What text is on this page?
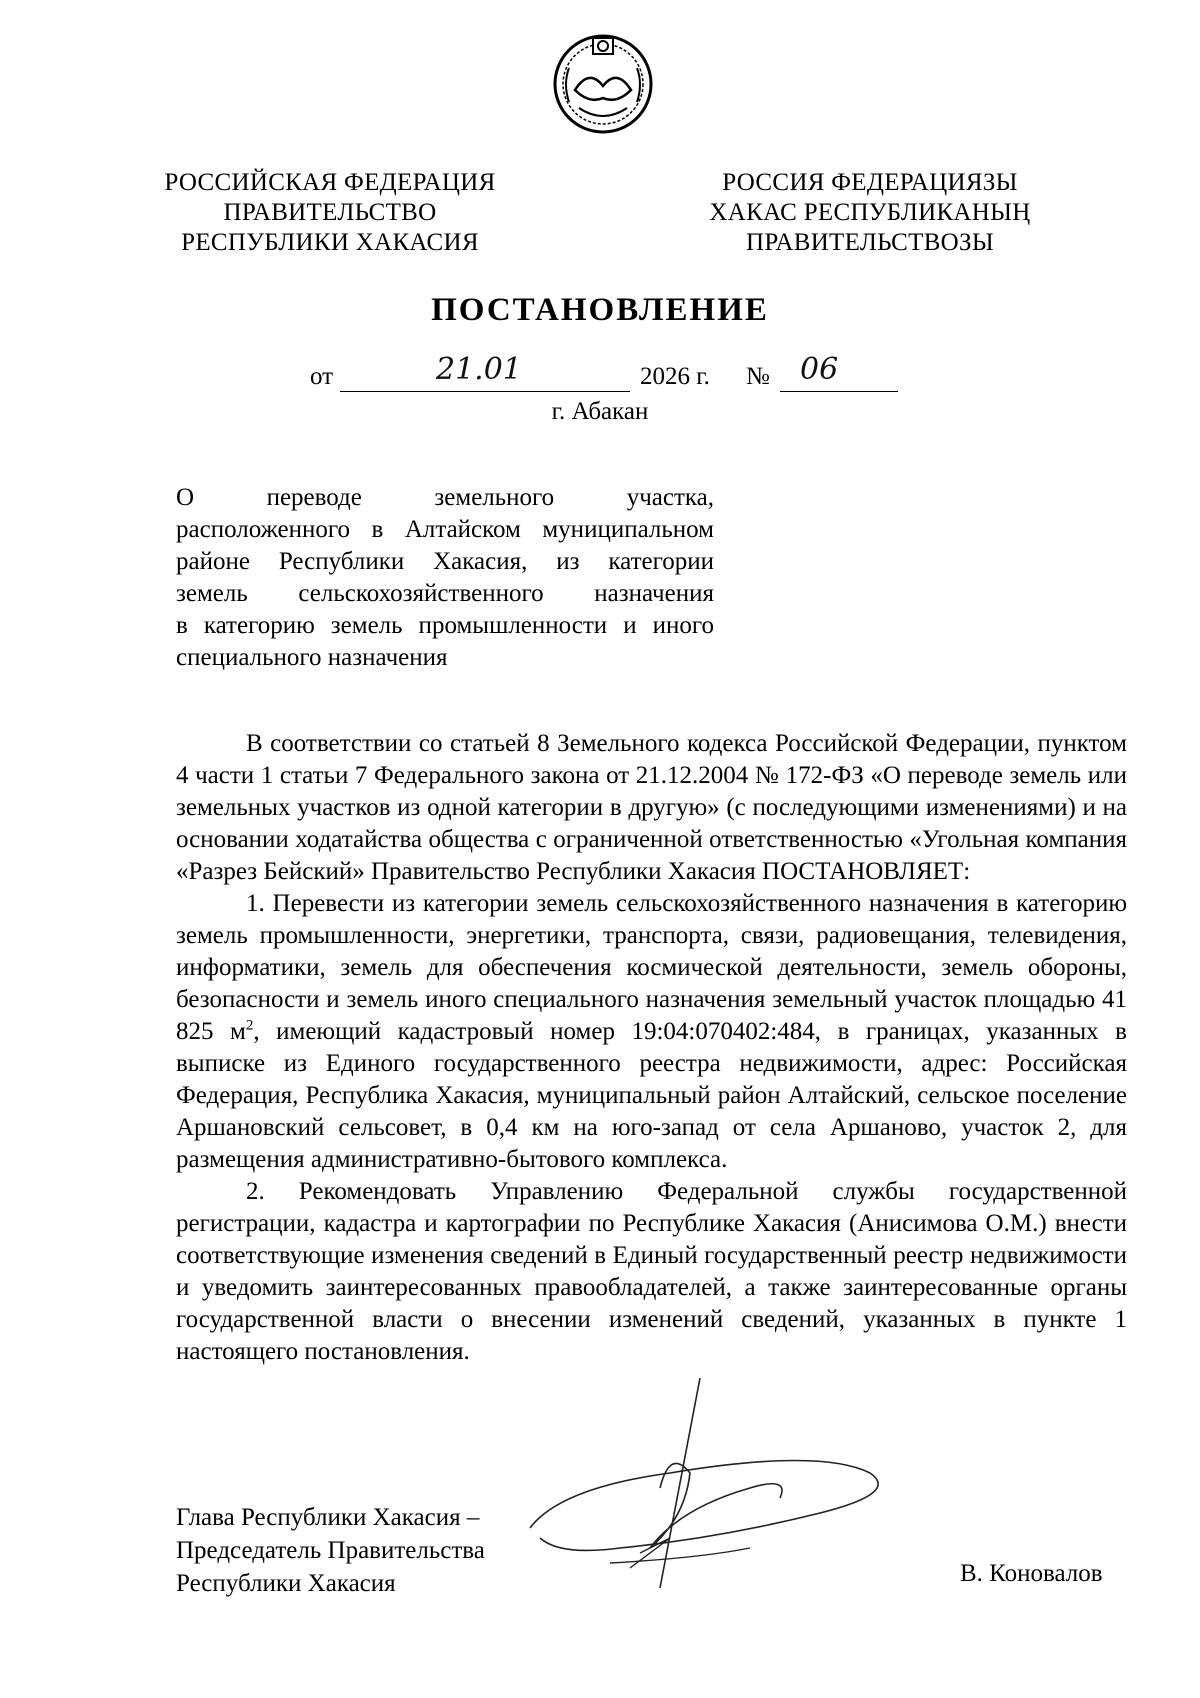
РОССИЙСКАЯ ФЕДЕРАЦИЯ
ПРАВИТЕЛЬСТВО
РЕСПУБЛИКИ ХАКАСИЯ
РОССИЯ ФЕДЕРАЦИЯЗЫ
ХАКАС РЕСПУБЛИКАНЫҢ
ПРАВИТЕЛЬСТВОЗЫ
ПОСТАНОВЛЕНИЕ
от	21.01	2026 г. № 06
г. Абакан
О переводе земельного участка,
расположенного в Алтайском муниципальном
районе Республики Хакасия, из категории
земель сельскохозяйственного назначения
в категорию земель промышленности и иного
специального назначения

В соответствии со статьей 8 Земельного кодекса Российской Федерации, пунктом 4 части 1 статьи 7 Федерального закона от 21.12.2004 № 172-ФЗ «О переводе земель или земельных участков из одной категории в другую» (с последующими изменениями) и на основании ходатайства общества с ограниченной ответственностью «Угольная компания «Разрез Бейский» Правительство Республики Хакасия ПОСТАНОВЛЯЕТ:

1. Перевести из категории земель сельскохозяйственного назначения в категорию земель промышленности, энергетики, транспорта, связи, радиовещания, телевидения, информатики, земель для обеспечения космической деятельности, земель обороны, безопасности и земель иного специального назначения земельный участок площадью 41 825 $м^2$, имеющий кадастровый номер 19:04:070402:484, в границах, указанных в выписке из Единого государственного реестра недвижимости, адрес: Российская Федерация, Республика Хакасия, муниципальный район Алтайский, сельское поселение Аршановский сельсовет, в 0,4 км на юго-запад от села Аршаново, участок 2, для размещения административно-бытового комплекса.

2. Рекомендовать Управлению Федеральной службы государственной регистрации, кадастра и картографии по Республике Хакасия (Анисимова О.М.) внести соответствующие изменения сведений в Единый государственный реестр недвижимости и уведомить заинтересованных правообладателей, а также заинтересованные органы государственной власти о внесении изменений сведений, указанных в пункте 1 настоящего постановления.

Глава Республики Хакасия –
Председатель Правительства
Республики Хакасия	В. Коновалов
